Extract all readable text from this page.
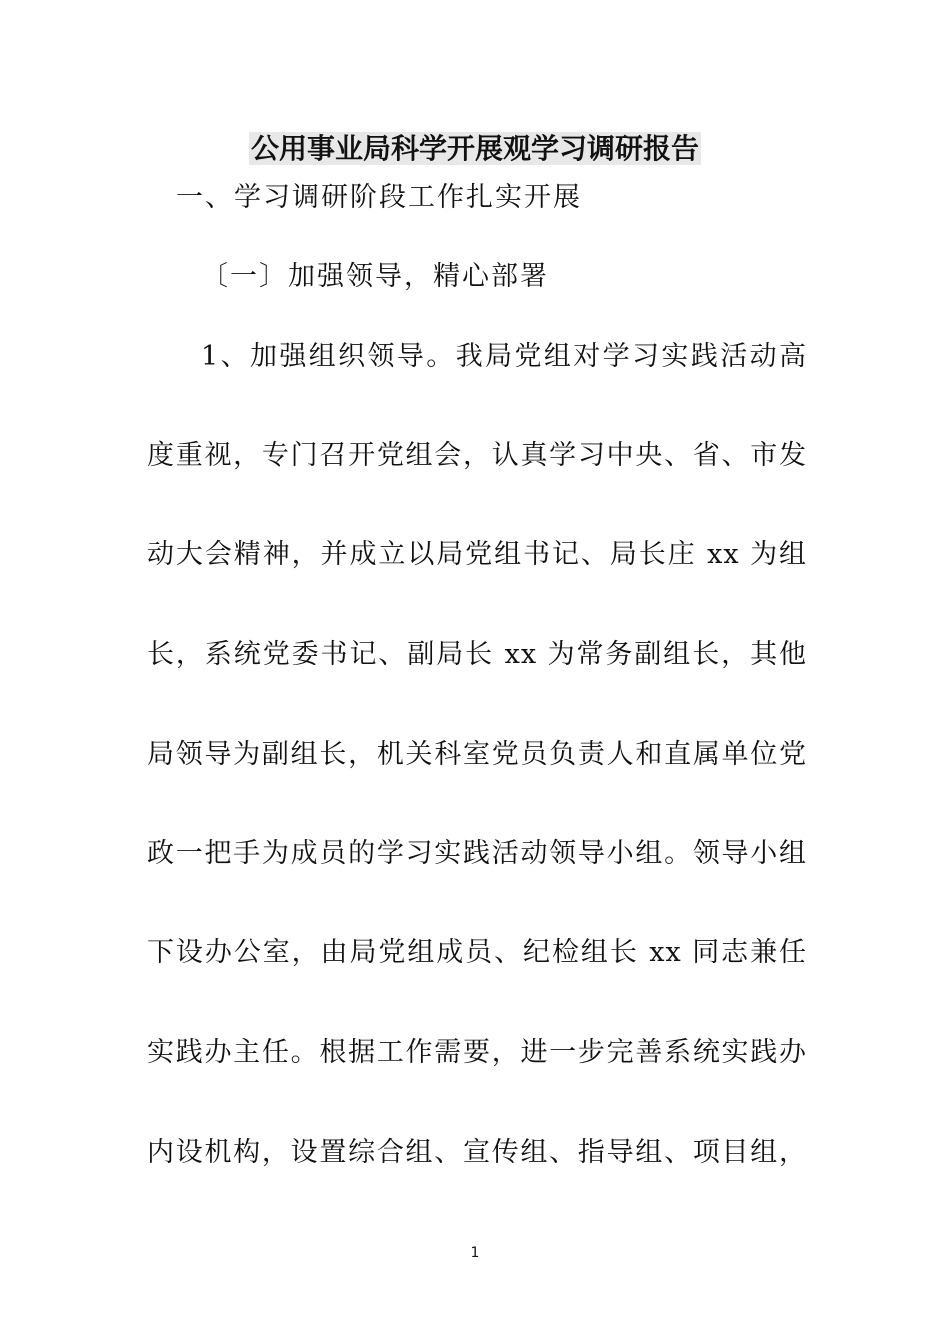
公用事业局科学开展观学习调研报告
一、学习调研阶段工作扎实开展
〔一〕加强领导，精心部署
1、加强组织领导。我局党组对学习实践活动高
度重视，专门召开党组会，认真学习中央、省、市发
动大会精神，并成立以局党组书记、局长庄 xx 为组
长，系统党委书记、副局长 xx 为常务副组长，其他
局领导为副组长，机关科室党员负责人和直属单位党
政一把手为成员的学习实践活动领导小组。领导小组
下设办公室，由局党组成员、纪检组长 xx 同志兼任
实践办主任。根据工作需要，进一步完善系统实践办
内设机构，设置综合组、宣传组、指导组、项目组，
1
